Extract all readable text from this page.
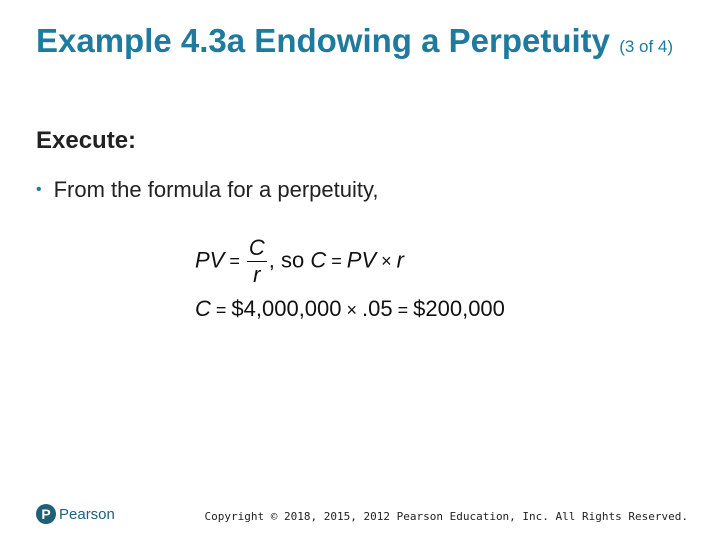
Example 4.3a Endowing a Perpetuity (3 of 4)
Execute:
• From the formula for a perpetuity,
PV = $\frac{C}{r}$ , so C = PV × r
C = $4,000,000 × .05 = $200,000
P Pearson	Copyright © 2018, 2015, 2012 Pearson Education, Inc. All Rights Reserved.
